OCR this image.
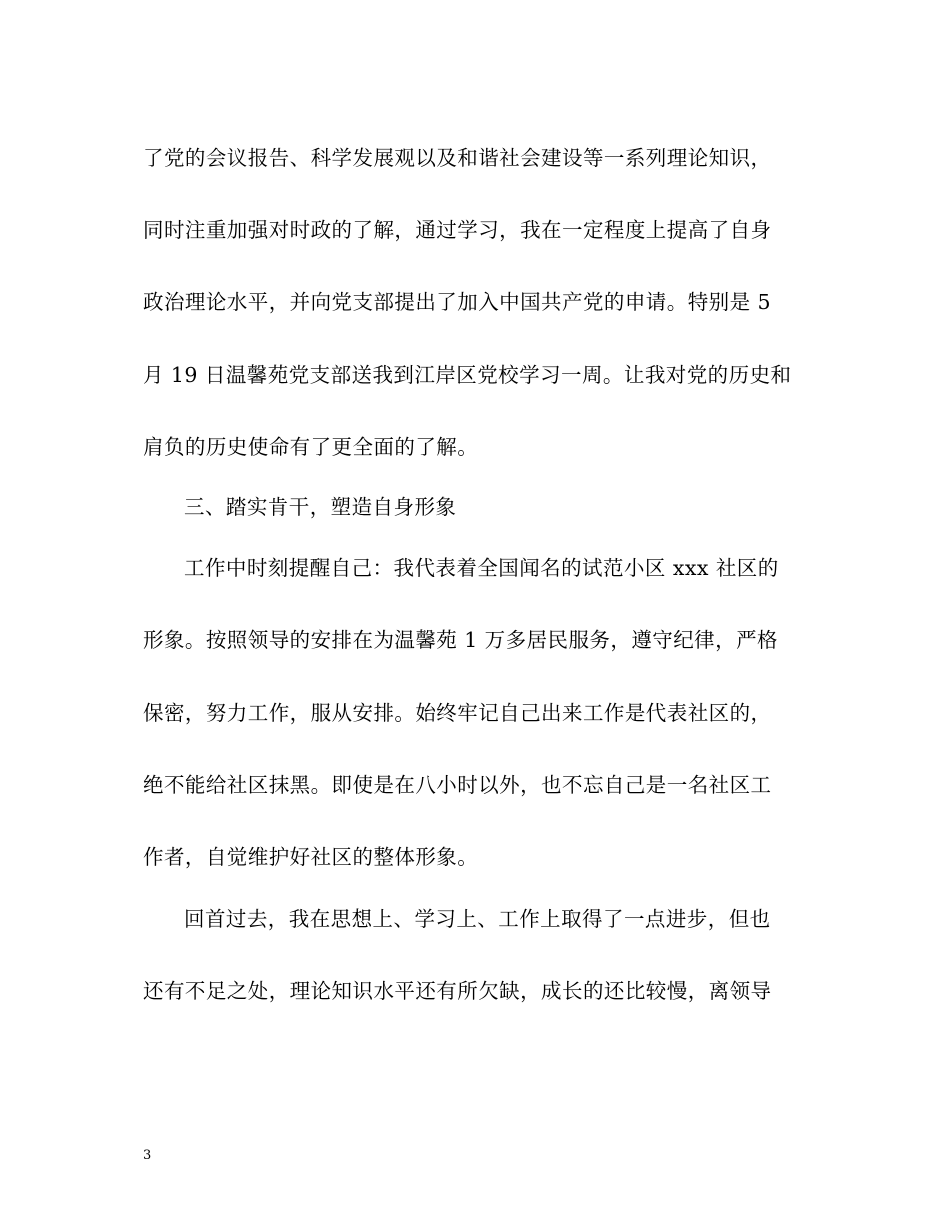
了党的会议报告、科学发展观以及和谐社会建设等一系列理论知识，
同时注重加强对时政的了解，通过学习，我在一定程度上提高了自身
政治理论水平，并向党支部提出了加入中国共产党的申请。特别是 5
月 19 日温馨苑党支部送我到江岸区党校学习一周。让我对党的历史和
肩负的历史使命有了更全面的了解。
三、踏实肯干，塑造自身形象
工作中时刻提醒自己：我代表着全国闻名的试范小区 xxx 社区的
形象。按照领导的安排在为温馨苑 1 万多居民服务，遵守纪律，严格
保密，努力工作，服从安排。始终牢记自己出来工作是代表社区的，
绝不能给社区抹黑。即使是在八小时以外，也不忘自己是一名社区工
作者，自觉维护好社区的整体形象。
回首过去，我在思想上、学习上、工作上取得了一点进步，但也
还有不足之处，理论知识水平还有所欠缺，成长的还比较慢，离领导
3
